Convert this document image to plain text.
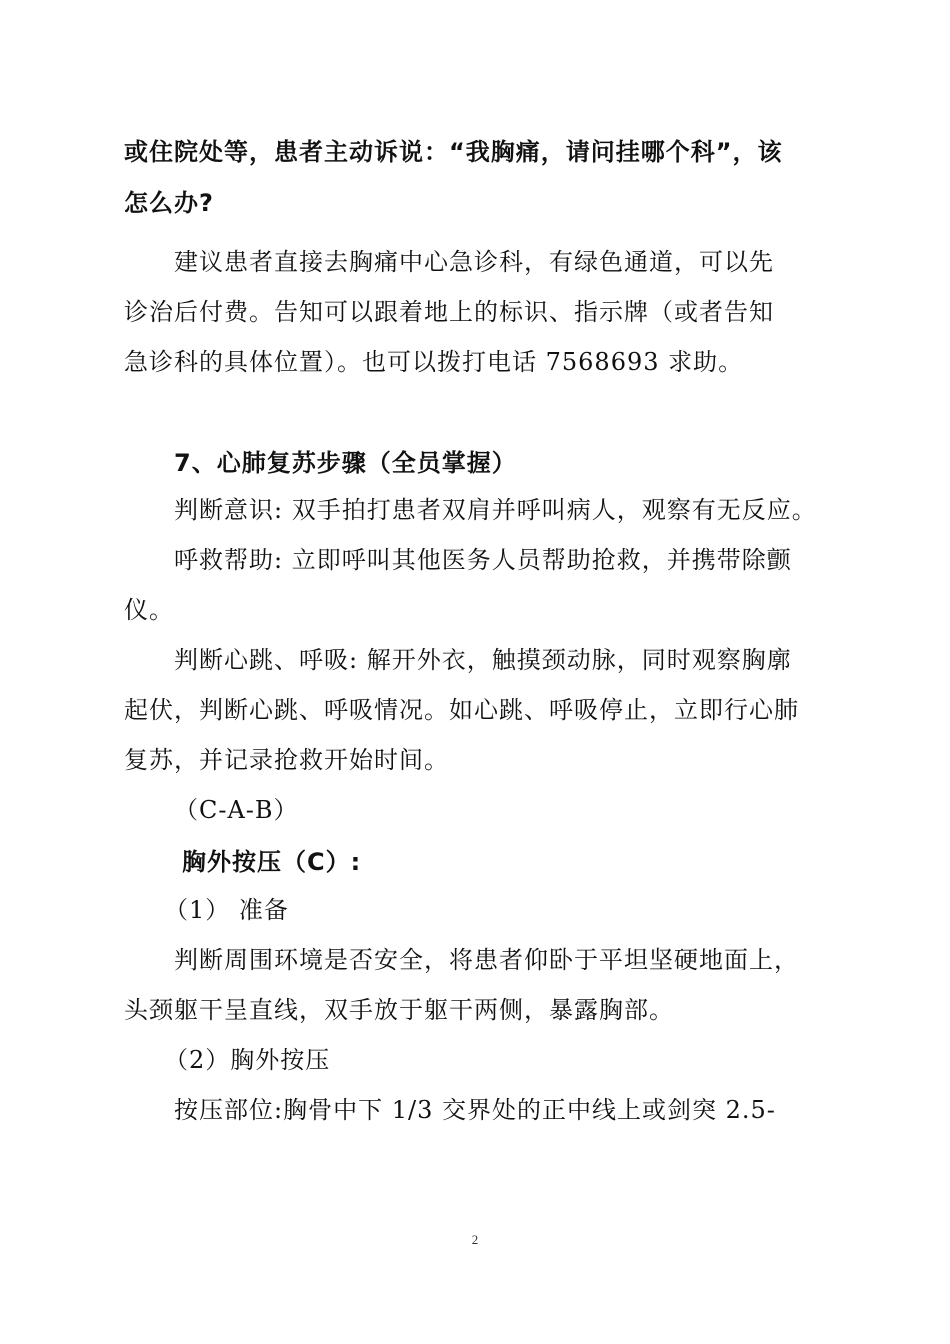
或住院处等，患者主动诉说：“我胸痛，请问挂哪个科”，该
怎么办?
建议患者直接去胸痛中心急诊科，有绿色通道，可以先
诊治后付费。告知可以跟着地上的标识、指示牌（或者告知
急诊科的具体位置）。也可以拨打电话 7568693 求助。
7、心肺复苏步骤（全员掌握）
判断意识: 双手拍打患者双肩并呼叫病人，观察有无反应。
呼救帮助: 立即呼叫其他医务人员帮助抢救，并携带除颤
仪。
判断心跳、呼吸: 解开外衣，触摸颈动脉，同时观察胸廓
起伏，判断心跳、呼吸情况。如心跳、呼吸停止，立即行心肺
复苏，并记录抢救开始时间。
（C-A-B）
胸外按压（C）:
（1） 准备
判断周围环境是否安全，将患者仰卧于平坦坚硬地面上，
头颈躯干呈直线，双手放于躯干两侧，暴露胸部。
（2）胸外按压
按压部位:胸骨中下 1/3 交界处的正中线上或剑突 2.5-
2
